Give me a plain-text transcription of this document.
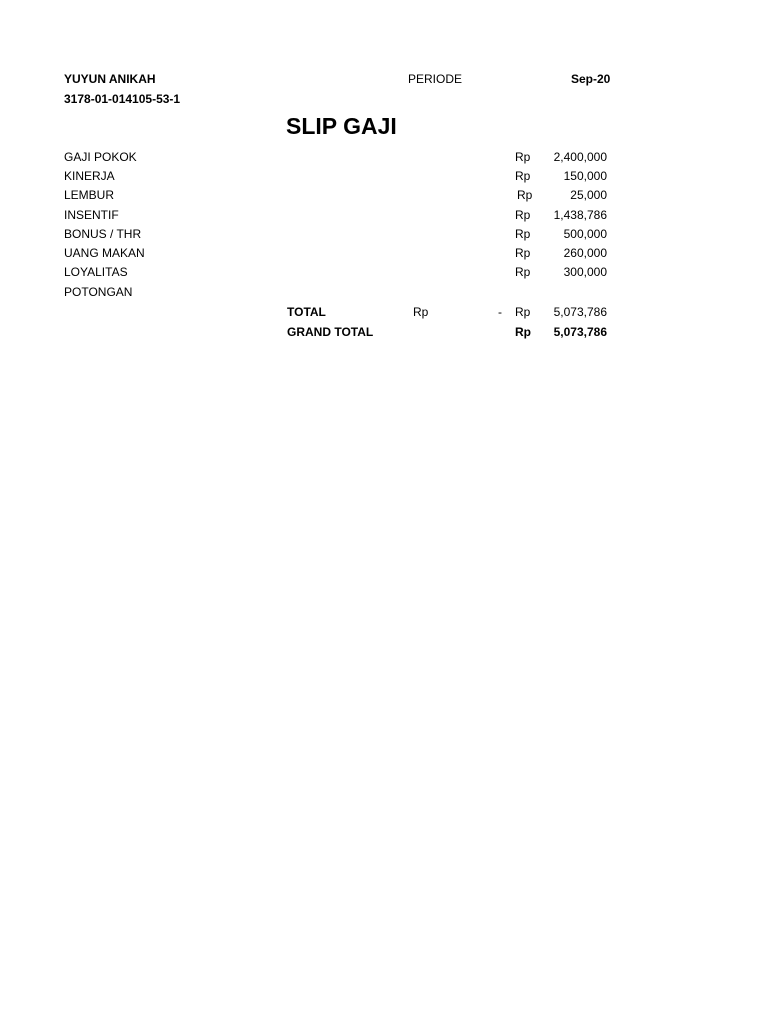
YUYUN ANIKAH
3178-01-014105-53-1
PERIODE	Sep-20
SLIP GAJI
GAJI POKOK	Rp	2,400,000
KINERJA	Rp	150,000
LEMBUR	Rp	25,000
INSENTIF	Rp	1,438,786
BONUS / THR	Rp	500,000
UANG MAKAN	Rp	260,000
LOYALITAS	Rp	300,000
POTONGAN
TOTAL	Rp	- Rp	5,073,786
GRAND TOTAL	Rp	5,073,786
